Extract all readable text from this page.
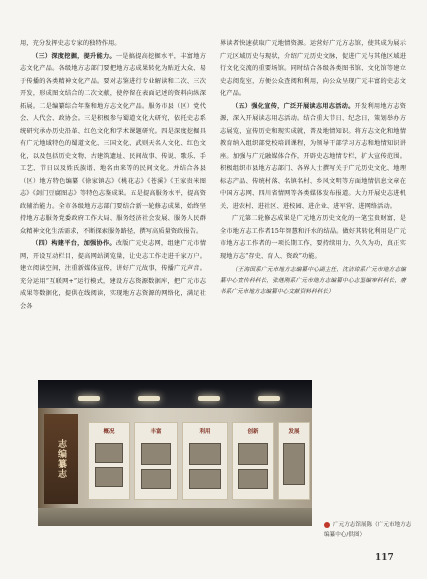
用，充分发挥史志专家的独特作用。

（三）深度挖掘，提升能力。一是搞提高挖掘水平，丰富地方志文化产品。各级地方志部门要把地方志成果转化为贴近大众、易于传播的各类精神文化产品。要对志鉴进行专业解读和二次、三次开发，形成图文结合的二次文献，使停留在表面记述的资料向纵深拓展。二是编纂综合年鉴和地方志文化产品。服务市县（区）党代会、人代会、政协会。三是积极参与蜀道文化大研究，依托史志系统研究承办历史沿革、红色文化和学术课题研究。四是深度挖掘具有广元地域特色的蜀道文化、三国文化、武则天名人文化、红色文化，以及包括历史文物、古建筑遗址、民间故事、传说、歌乐、手工艺、节日以及姓氏族谱、地名由来等的民间文化。并结合各县（区）地方特色编纂《徐家镇志》《桃花志》《苍溪》《王家贵米图志》《剑门豆腐图志》等特色志鉴成果。五是提高服务水平，提高资政辅治能力。全市各级地方志部门要结合新一轮修志成果，始终坚持地方志服务党委政府工作大局、服务经济社会发展、服务人民群众精神文化生活需求，不断探索服务路径，撰写高质量资政报告。

（四）构建平台，加强协作。改版广元史志网，组建广元市情网，开设互动栏目，提高网站浏览量，让史志工作走进千家万户。建立阅读空间，注重新媒体宣传，讲好广元故事，传播广元声音。充分运用“互联网+”运行模式，建设方志资源数据库，把广元市志成果等数据化，提供在线阅读，实现地方志资源的网络化，满足社会各

界读者快速获取广元地情资源。运营好广元方志馆，使其成为展示广元区域历史与现状，介绍广元历史文脉，促进广元与其他区域进行文化交流的重要场馆。同时结合各级各类图书馆、文化馆等建立史志阅览室，方便公众查阅和利用，向公众呈现广元丰富的史志文化产品。

（五）强化宣传，广泛开展读志用志活动。开发利用地方志资源，深入开展读志用志活动。结合重大节日、纪念日，策划举办方志展览，宣传历史和现实成就，普及地情知识。将方志文化和地情教育纳入组织部党校培训课程，为领导干部学习方志和地情知识讲座。加强与广元融媒体合作，开辟史志地情专栏，扩大宣传范围。积极组织市县地方志部门、各界人士撰写关于广元历史文化、地理标志产品、传统村落、名镇名村、乡风文明等方面地情信息文章在中国方志网、四川省情网等各类媒体发布报道。大力开展史志进机关、进农村、进社区、进校园、进企业、进军营、进网络活动。

广元第二轮修志成果是广元地方历史文化的一笔宝贵财富，是全市地方志工作者15年智慧和汗水的结晶。做好其转化利用是广元市地方志工作者的一项长期工作，要持续用力、久久为功，真正实现地方志“存史、育人、资政”功能。

（王海国系广元市地方志编纂中心副主任，沈洁琼系广元市地方志编纂中心宣传科科长，张继刚系广元市地方志编纂中心志鉴编审科科长，唐书系广元市地方志编纂中心文献资料科科长）

志编纂志
概况	丰富	利用	创新	发展
广元方志馆展陈（广元市地方志编纂中心/供图）
117
